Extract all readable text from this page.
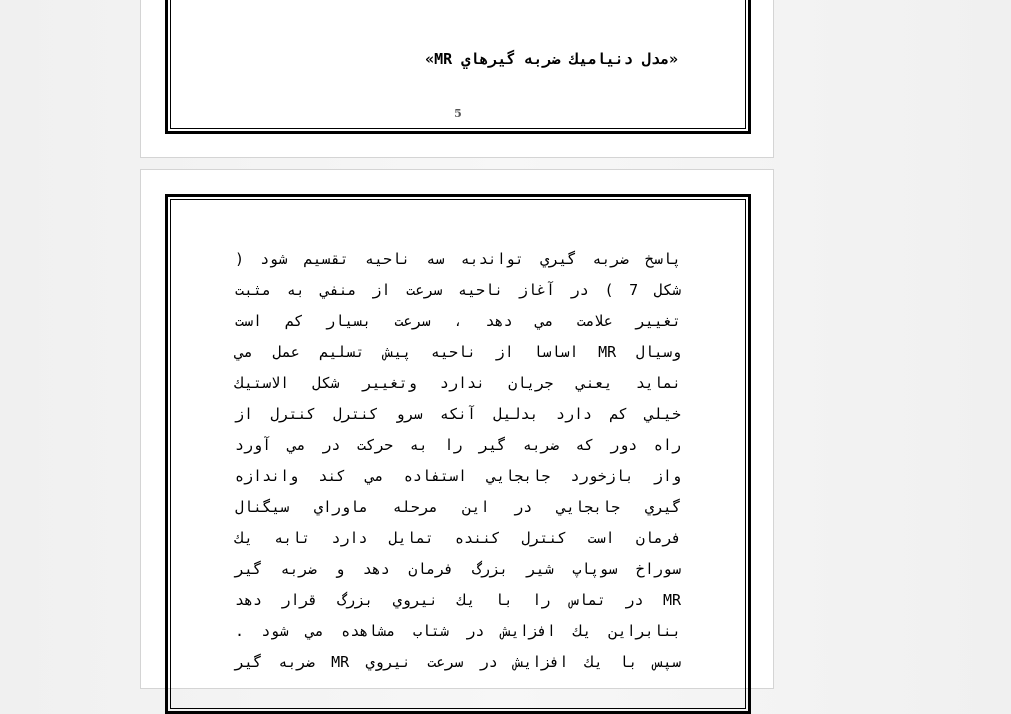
«مدل دنيامیك ضربه گيرهاي MR»
5
پاسخ ضربه گيري تواندبه سه ناحيه تقسيم شود (
شكل 7 ) در آغاز ناحيه سرعت از منفي به مثبت
تغيير علامت مي دهد ، سرعت بسيار كم است
وسيال MR اساسا از ناحيه پيش تسليم عمل مي
نمايد يعني جريان ندارد وتغيير شكل الاستيك
خيلي كم دارد بدليل آنكه سرو كنترل كنترل از
راه دور كه ضربه گير را به حركت در مي آورد
واز بازخورد جابجايي استفاده مي كند واندازه
گيري جابجايي در اين مرحله ماوراي سيگنال
فرمان است كنترل كننده تمايل دارد تابه يك
سوراخ سوپاپ شير بزرگ فرمان دهد و ضربه گير
MR در تماس را با يك نيروي بزرگ قرار دهد
بنابراين يك افزايش در شتاب مشاهده مي شود .
سپس با يك افزايش در سرعت نيروي MR ضربه گير
